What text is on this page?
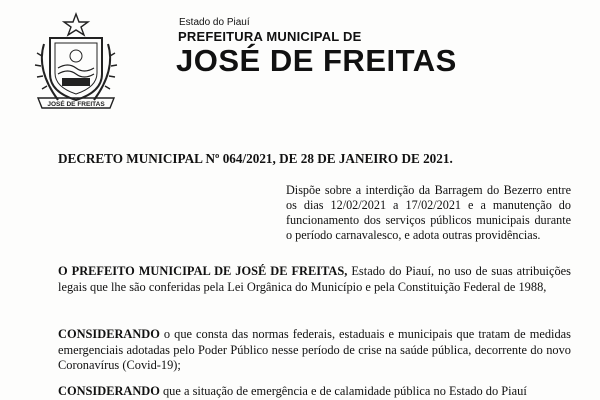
JOSÉ DE FREITAS
Estado do Piauí
PREFEITURA MUNICIPAL DE
JOSÉ DE FREITAS
DECRETO MUNICIPAL Nº 064/2021, DE 28 DE JANEIRO DE 2021.
Dispõe sobre a interdição da Barragem do Bezerro entre os dias 12/02/2021 a 17/02/2021 e a manutenção do funcionamento dos serviços públicos municipais durante o período carnavalesco, e adota outras providências.
O PREFEITO MUNICIPAL DE JOSÉ DE FREITAS, Estado do Piauí, no uso de suas atribuições legais que lhe são conferidas pela Lei Orgânica do Município e pela Constituição Federal de 1988,
CONSIDERANDO o que consta das normas federais, estaduais e municipais que tratam de medidas emergenciais adotadas pelo Poder Público nesse período de crise na saúde pública, decorrente do novo Coronavírus (Covid-19);
CONSIDERANDO que a situação de emergência e de calamidade pública no Estado do Piauí
